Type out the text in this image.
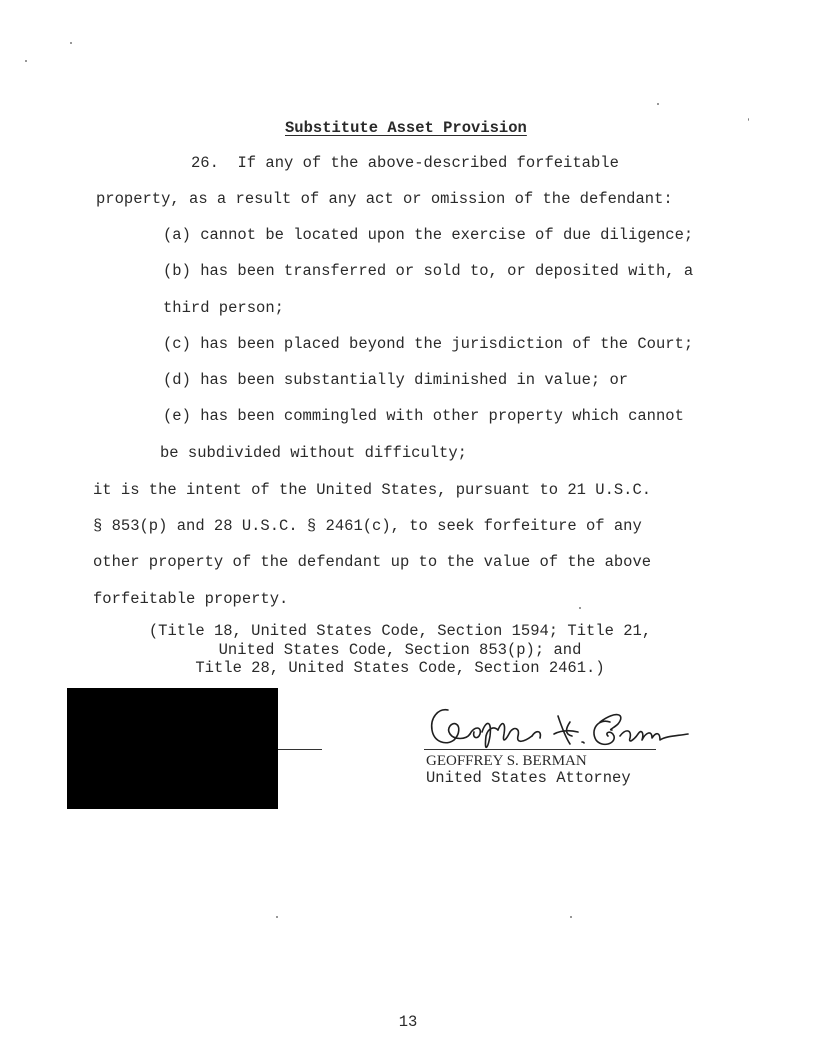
Substitute Asset Provision
26.  If any of the above-described forfeitable
property, as a result of any act or omission of the defendant:
(a) cannot be located upon the exercise of due diligence;
(b) has been transferred or sold to, or deposited with, a
third person;
(c) has been placed beyond the jurisdiction of the Court;
(d) has been substantially diminished in value; or
(e) has been commingled with other property which cannot
be subdivided without difficulty;
it is the intent of the United States, pursuant to 21 U.S.C.
§ 853(p) and 28 U.S.C. § 2461(c), to seek forfeiture of any
other property of the defendant up to the value of the above
forfeitable property.
(Title 18, United States Code, Section 1594; Title 21,
United States Code, Section 853(p); and
Title 28, United States Code, Section 2461.)
GEOFFREY S. BERMAN
United States Attorney
13
